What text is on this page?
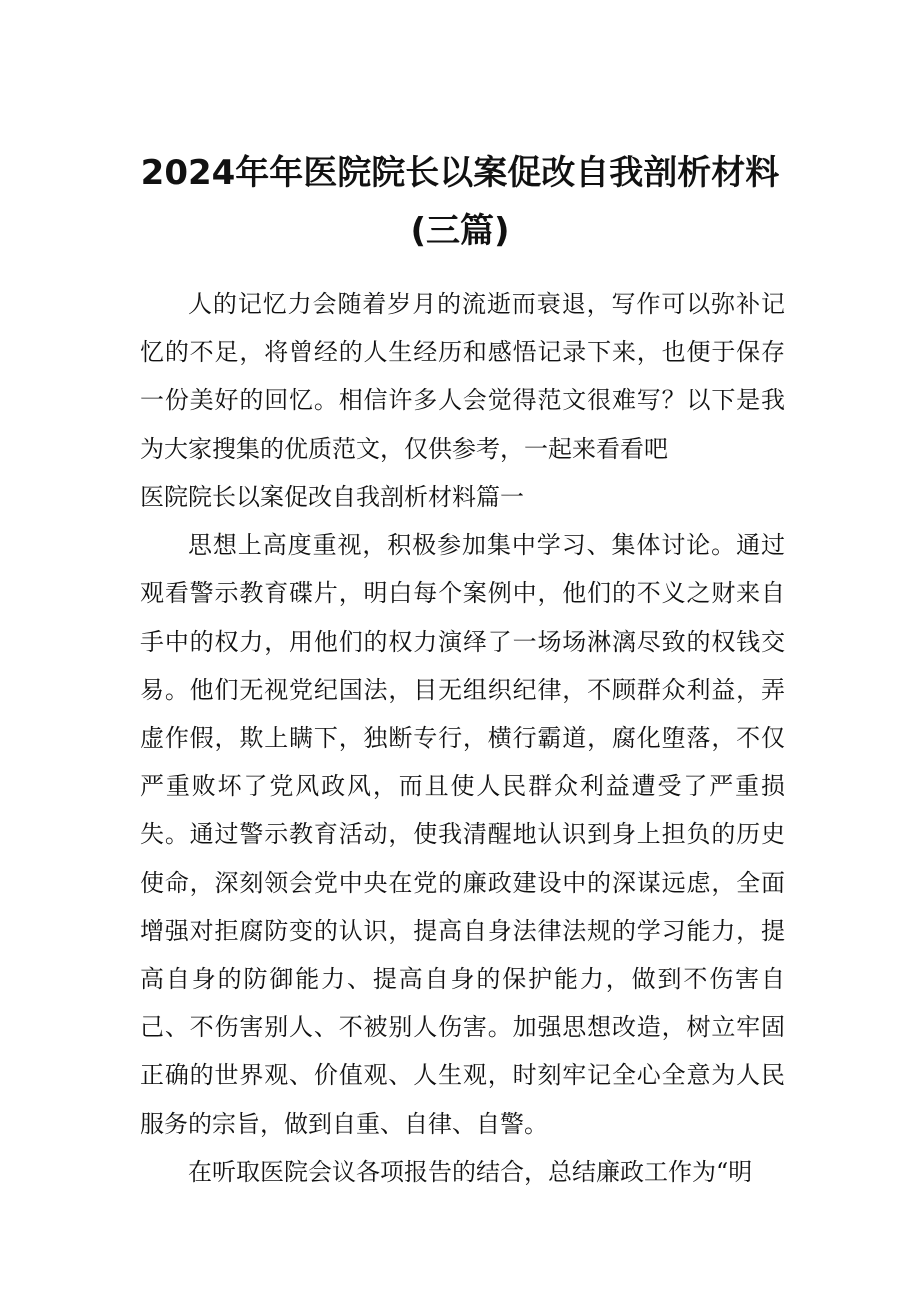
2024年年医院院长以案促改自我剖析材料
(三篇)

人的记忆力会随着岁月的流逝而衰退，写作可以弥补记忆的不足，将曾经的人生经历和感悟记录下来，也便于保存一份美好的回忆。相信许多人会觉得范文很难写？以下是我为大家搜集的优质范文，仅供参考，一起来看看吧

医院院长以案促改自我剖析材料篇一

思想上高度重视，积极参加集中学习、集体讨论。通过观看警示教育碟片，明白每个案例中，他们的不义之财来自手中的权力，用他们的权力演绎了一场场淋漓尽致的权钱交易。他们无视党纪国法，目无组织纪律，不顾群众利益，弄虚作假，欺上瞒下，独断专行，横行霸道，腐化堕落，不仅严重败坏了党风政风，而且使人民群众利益遭受了严重损失。通过警示教育活动，使我清醒地认识到身上担负的历史使命，深刻领会党中央在党的廉政建设中的深谋远虑，全面增强对拒腐防变的认识，提高自身法律法规的学习能力，提高自身的防御能力、提高自身的保护能力，做到不伤害自己、不伤害别人、不被别人伤害。加强思想改造，树立牢固正确的世界观、价值观、人生观，时刻牢记全心全意为人民服务的宗旨，做到自重、自律、自警。

在听取医院会议各项报告的结合，总结廉政工作为“明
